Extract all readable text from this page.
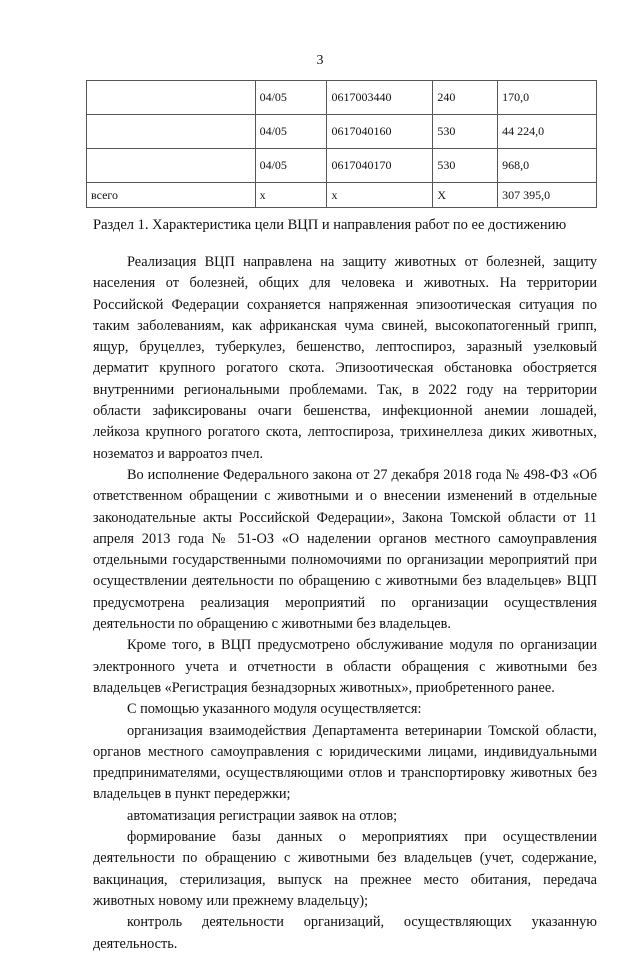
3
	04/05	0617003440	240	170,0
	04/05	0617040160	530	44 224,0
	04/05	0617040170	530	968,0
всего	x	x	X	307 395,0
Раздел 1. Характеристика цели ВЦП и направления работ по ее достижению

Реализация ВЦП направлена на защиту животных от болезней, защиту населения от болезней, общих для человека и животных. На территории Российской Федерации сохраняется напряженная эпизоотическая ситуация по таким заболеваниям, как африканская чума свиней, высокопатогенный грипп, ящур, бруцеллез, туберкулез, бешенство, лептоспироз, заразный узелковый дерматит крупного рогатого скота. Эпизоотическая обстановка обостряется внутренними региональными проблемами. Так, в 2022 году на территории области зафиксированы очаги бешенства, инфекционной анемии лошадей, лейкоза крупного рогатого скота, лептоспироза, трихинеллеза диких животных, нозематоз и варроатоз пчел.

Во исполнение Федерального закона от 27 декабря 2018 года № 498-ФЗ «Об ответственном обращении с животными и о внесении изменений в отдельные законодательные акты Российской Федерации», Закона Томской области от 11 апреля 2013 года № 51-ОЗ «О наделении органов местного самоуправления отдельными государственными полномочиями по организации мероприятий при осуществлении деятельности по обращению с животными без владельцев» ВЦП предусмотрена реализация мероприятий по организации осуществления деятельности по обращению с животными без владельцев.

Кроме того, в ВЦП предусмотрено обслуживание модуля по организации электронного учета и отчетности в области обращения с животными без владельцев «Регистрация безнадзорных животных», приобретенного ранее.

С помощью указанного модуля осуществляется:

организация взаимодействия Департамента ветеринарии Томской области, органов местного самоуправления с юридическими лицами, индивидуальными предпринимателями, осуществляющими отлов и транспортировку животных без владельцев в пункт передержки;

автоматизация регистрации заявок на отлов;

формирование базы данных о мероприятиях при осуществлении деятельности по обращению с животными без владельцев (учет, содержание, вакцинация, стерилизация, выпуск на прежнее место обитания, передача животных новому или прежнему владельцу);

контроль деятельности организаций, осуществляющих указанную деятельность.
